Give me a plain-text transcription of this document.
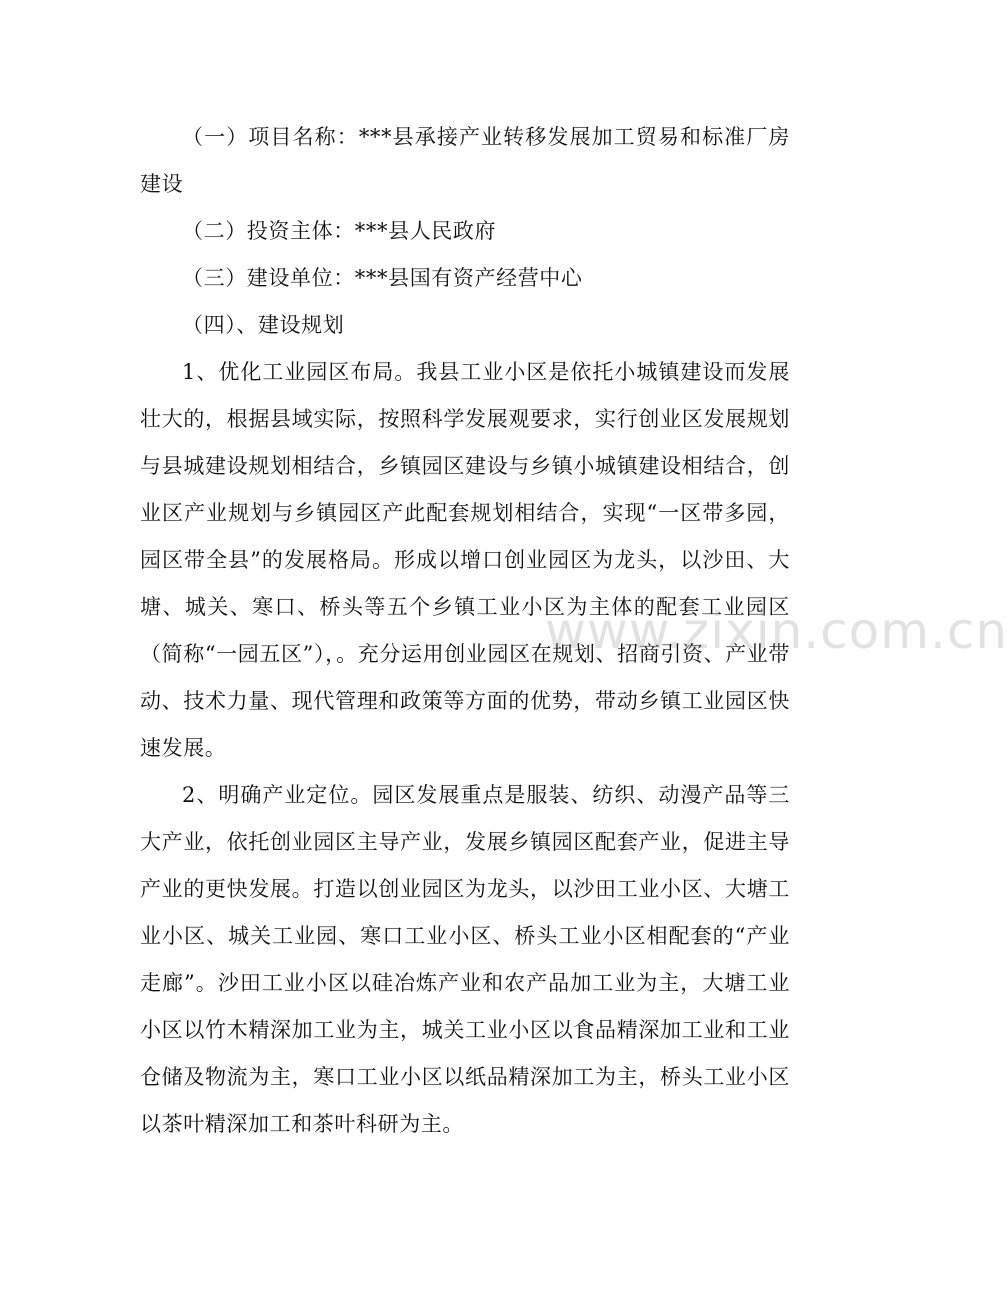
（一）项目名称：***县承接产业转移发展加工贸易和标准厂房建设

（二）投资主体：***县人民政府

（三）建设单位：***县国有资产经营中心

（四）、建设规划

1、优化工业园区布局。我县工业小区是依托小城镇建设而发展壮大的，根据县域实际，按照科学发展观要求，实行创业区发展规划与县城建设规划相结合，乡镇园区建设与乡镇小城镇建设相结合，创业区产业规划与乡镇园区产此配套规划相结合，实现“一区带多园，园区带全县”的发展格局。形成以增口创业园区为龙头，以沙田、大塘、城关、寒口、桥头等五个乡镇工业小区为主体的配套工业园区（简称“一园五区”），。充分运用创业园区在规划、招商引资、产业带动、技术力量、现代管理和政策等方面的优势，带动乡镇工业园区快速发展。

2、明确产业定位。园区发展重点是服装、纺织、动漫产品等三大产业，依托创业园区主导产业，发展乡镇园区配套产业，促进主导产业的更快发展。打造以创业园区为龙头，以沙田工业小区、大塘工业小区、城关工业园、寒口工业小区、桥头工业小区相配套的“产业走廊”。沙田工业小区以硅冶炼产业和农产品加工业为主，大塘工业小区以竹木精深加工业为主，城关工业小区以食品精深加工业和工业仓储及物流为主，寒口工业小区以纸品精深加工为主，桥头工业小区以茶叶精深加工和茶叶科研为主。

www.zixin.com.cn
